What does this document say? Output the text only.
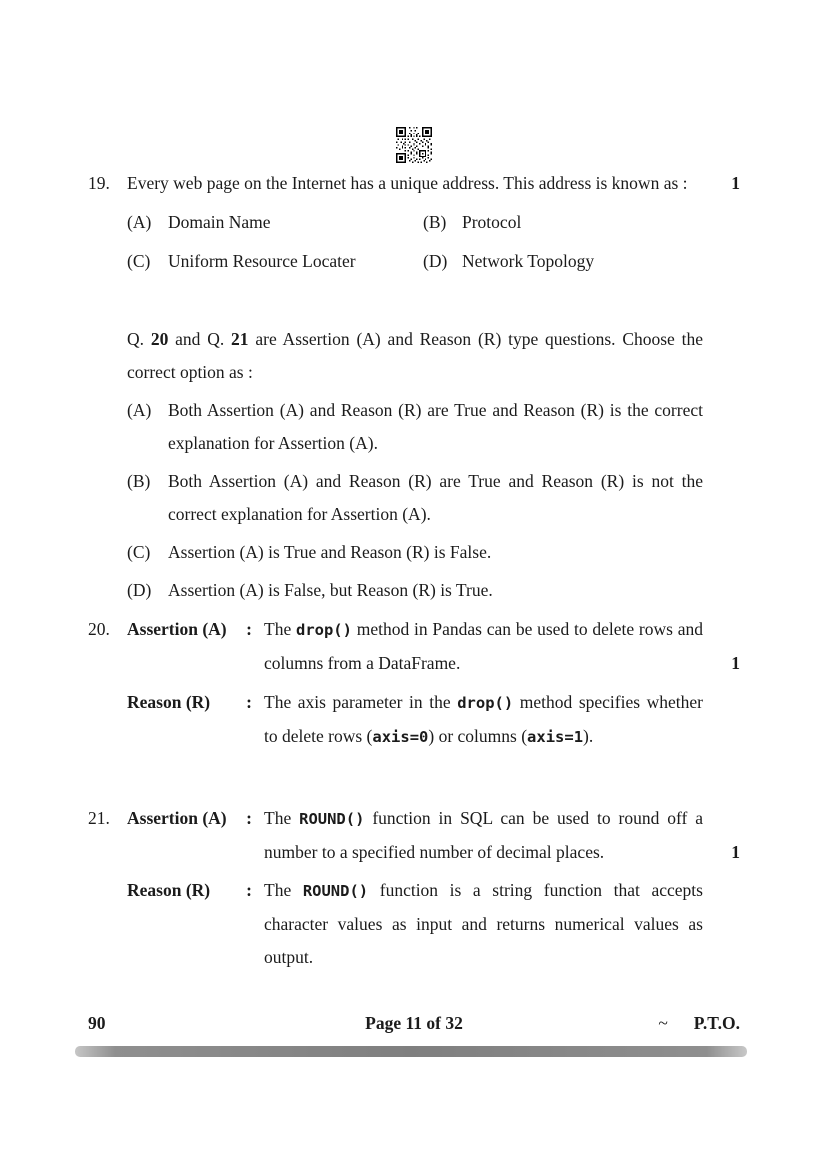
19. Every web page on the Internet has a unique address. This address is known as :	1
(A) Domain Name	(B) Protocol
(C)	Uniform Resource Locater	(D) Network Topology

Q. 20 and Q. 21 are Assertion (A) and Reason (R) type questions. Choose the correct option as :

(A) Both Assertion (A) and Reason (R) are True and Reason (R) is the correct explanation for Assertion (A).

(B)	Both Assertion (A) and Reason (R) are True and Reason (R) is not the correct explanation for Assertion (A).

(C)	Assertion (A) is True and Reason (R) is False.

(D) Assertion (A) is False, but Reason (R) is True.

20. Assertion (A) : The drop() method in Pandas can be used to delete rows and columns from a DataFrame.	1
Reason (R) : The axis parameter in the drop() method specifies whether to delete rows (axis=0) or columns (axis=1).

21. Assertion (A) : The ROUND() function in SQL can be used to round off a number to a specified number of decimal places.	1
Reason (R) : The ROUND() function is a string function that accepts character values as input and returns numerical values as output.

90	Page 11 of 32	~ P.T.O.
